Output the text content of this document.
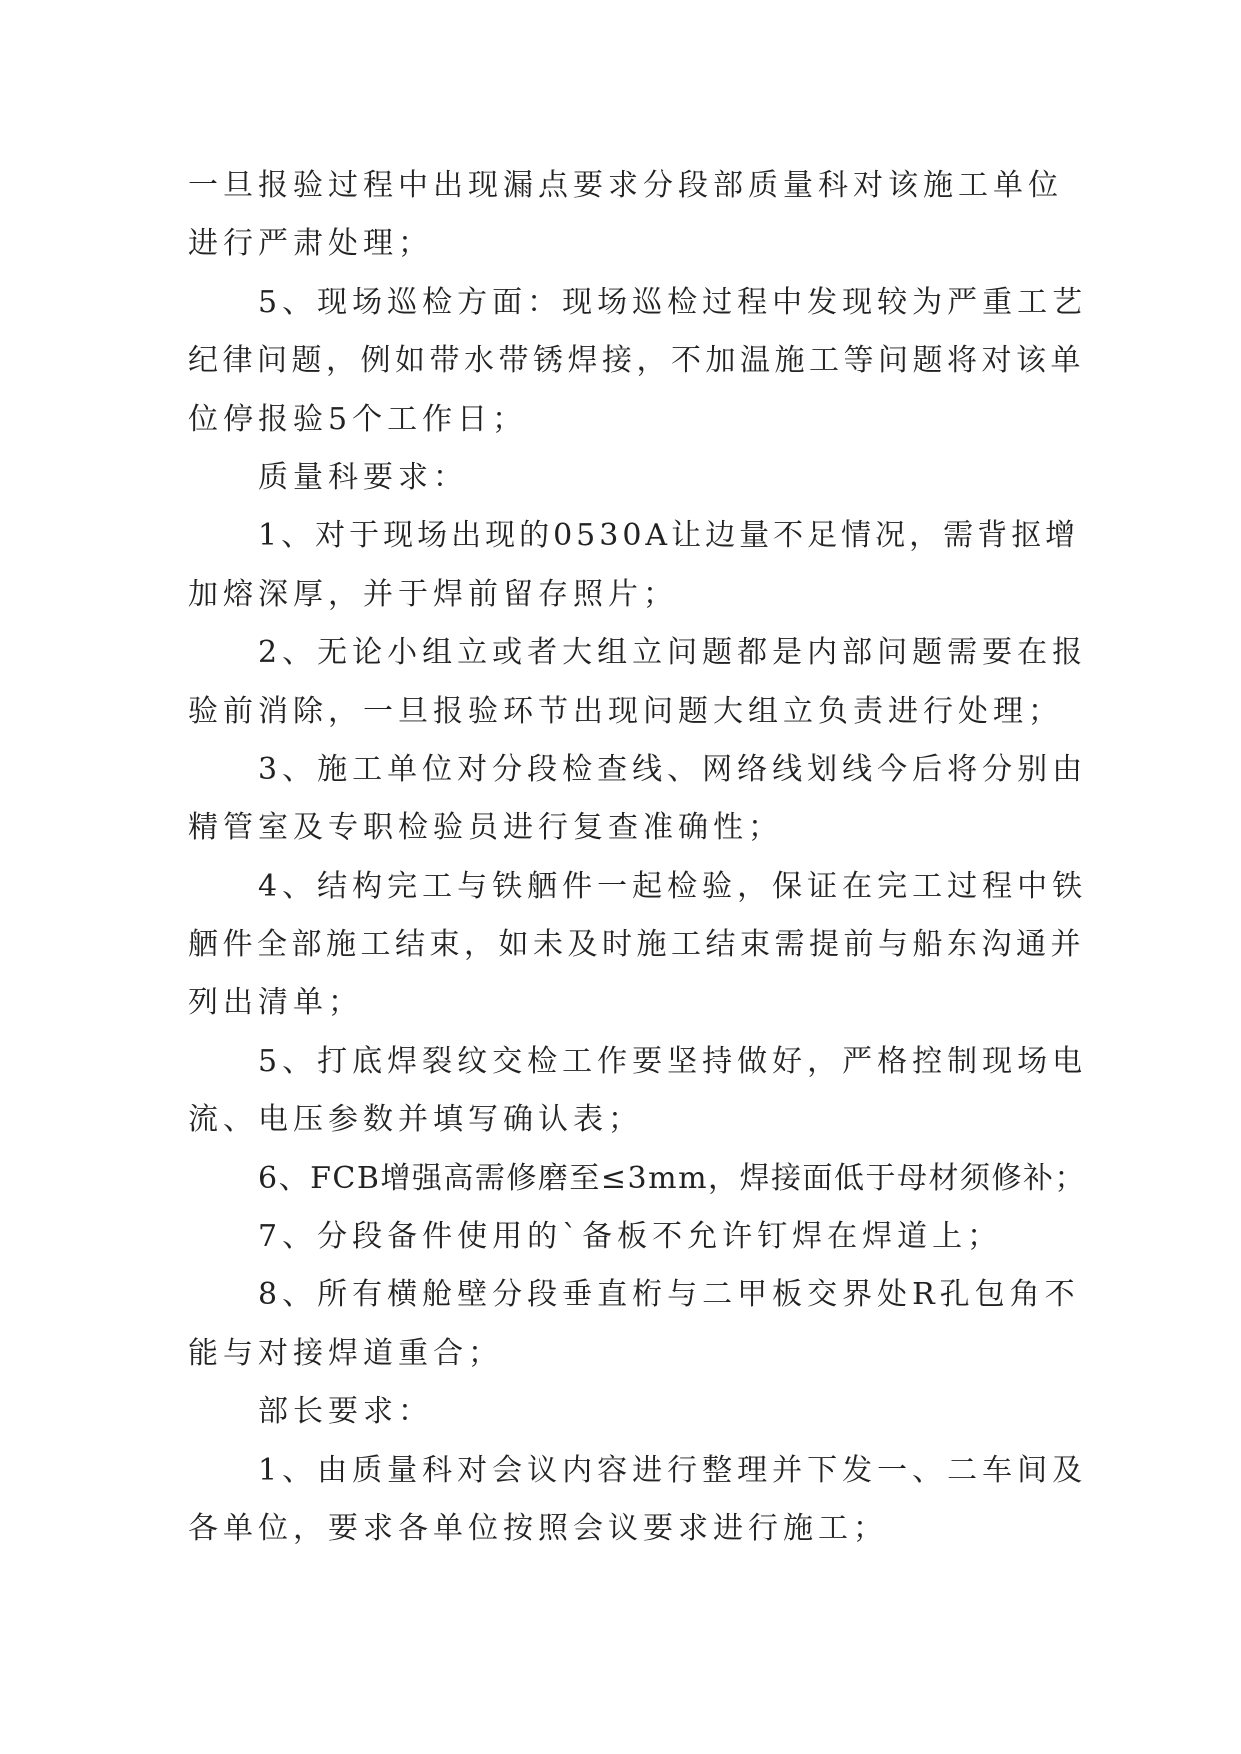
一旦报验过程中出现漏点要求分段部质量科对该施工单位
进行严肃处理；
5、现场巡检方面：现场巡检过程中发现较为严重工艺
纪律问题，例如带水带锈焊接，不加温施工等问题将对该单
位停报验5个工作日；
质量科要求：
1、对于现场出现的0530A让边量不足情况，需背抠增
加熔深厚，并于焊前留存照片；
2、无论小组立或者大组立问题都是内部问题需要在报
验前消除，一旦报验环节出现问题大组立负责进行处理；
3、施工单位对分段检查线、网络线划线今后将分别由
精管室及专职检验员进行复查准确性；
4、结构完工与铁舾件一起检验，保证在完工过程中铁
舾件全部施工结束，如未及时施工结束需提前与船东沟通并
列出清单；
5、打底焊裂纹交检工作要坚持做好，严格控制现场电
流、电压参数并填写确认表；
6、FCB增强高需修磨至≤3mm，焊接面低于母材须修补；
7、分段备件使用的`备板不允许钉焊在焊道上；
8、所有横舱壁分段垂直桁与二甲板交界处R孔包角不
能与对接焊道重合；
部长要求：
1、由质量科对会议内容进行整理并下发一、二车间及
各单位，要求各单位按照会议要求进行施工；
